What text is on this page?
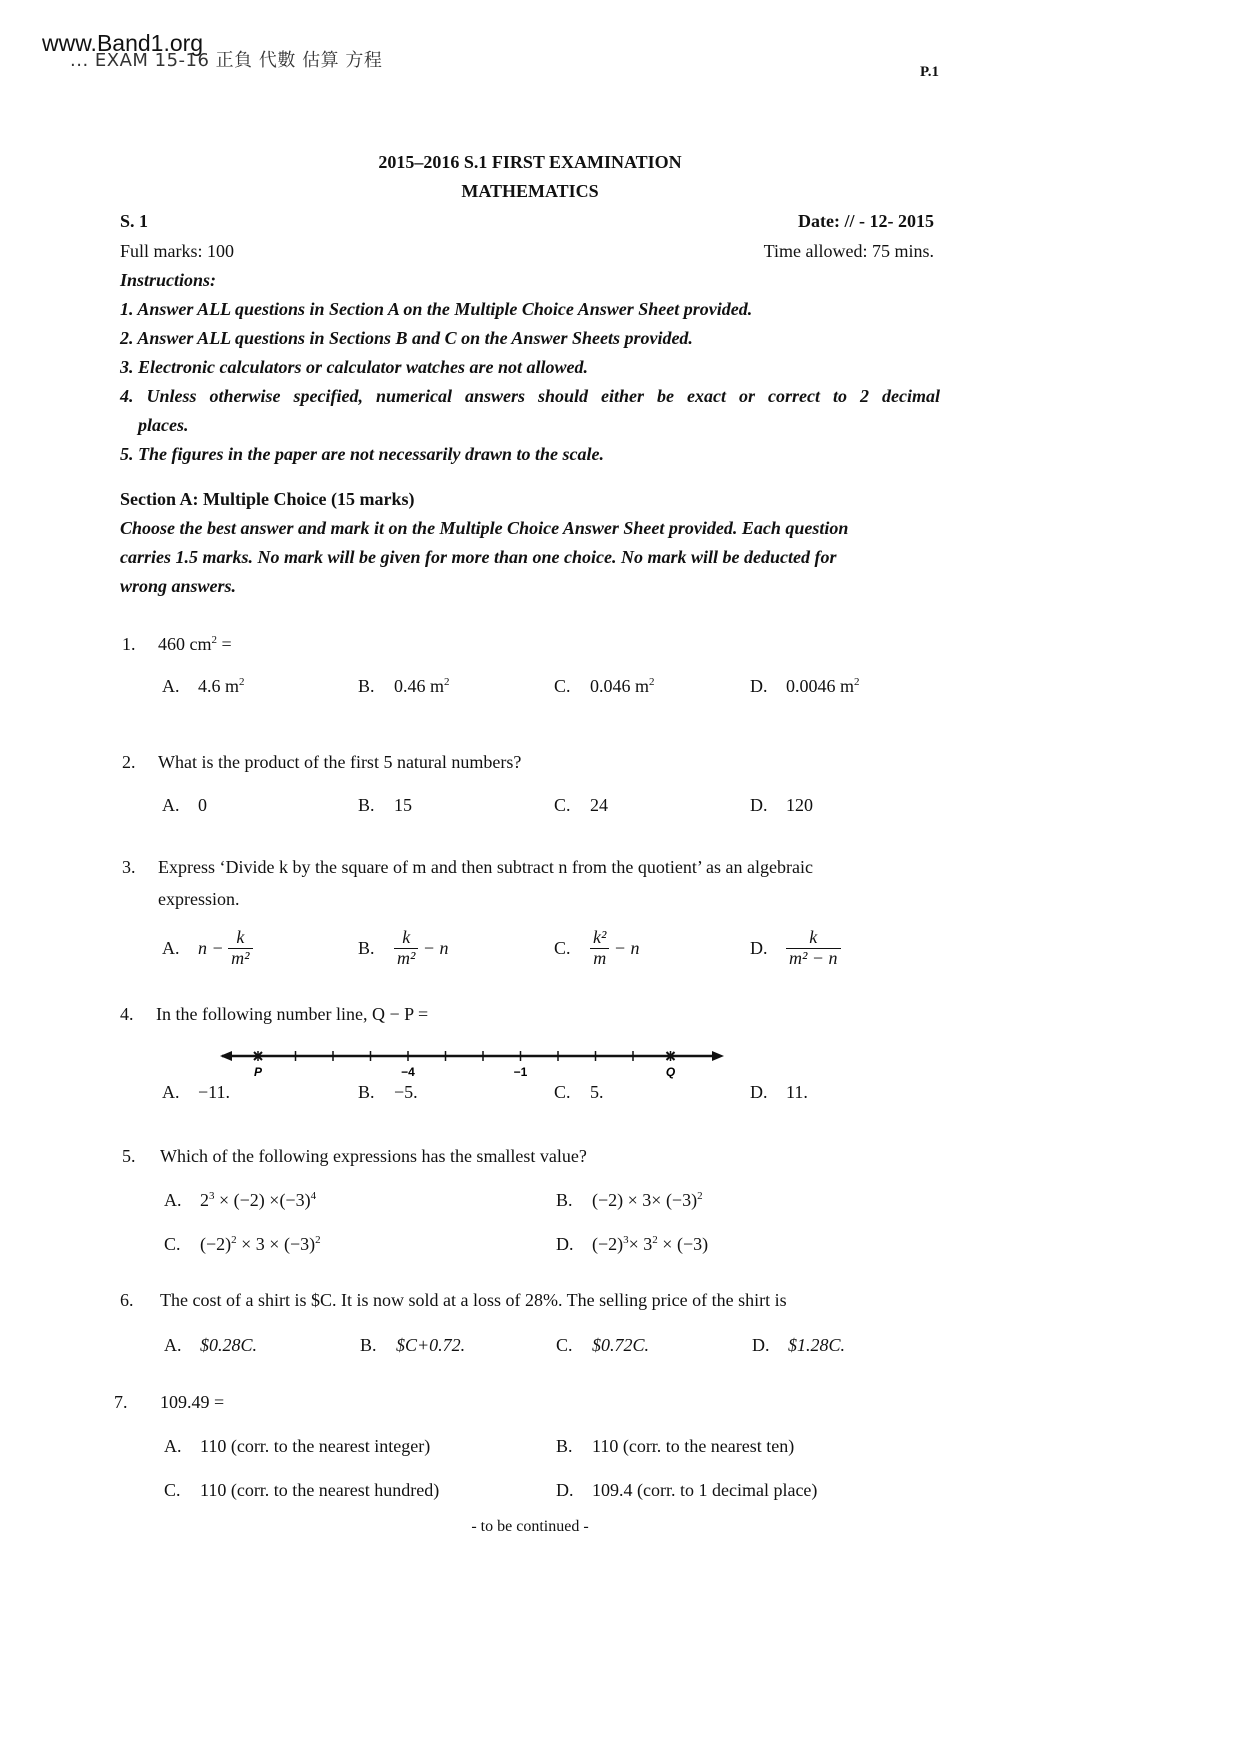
... EXAM 15-16 正負 代數 估算 方程
www.Band1.org
P.1
2015–2016 S.1 FIRST EXAMINATION
MATHEMATICS
S. 1	Date: // - 12- 2015
Full marks: 100	Time allowed: 75 mins.
Instructions:
1. Answer ALL questions in Section A on the Multiple Choice Answer Sheet provided.
2. Answer ALL questions in Sections B and C on the Answer Sheets provided.
3. Electronic calculators or calculator watches are not allowed.
4. Unless otherwise specified, numerical answers should either be exact or correct to 2 decimal
places.
5. The figures in the paper are not necessarily drawn to the scale.
Section A: Multiple Choice (15 marks)
Choose the best answer and mark it on the Multiple Choice Answer Sheet provided. Each question
carries 1.5 marks. No mark will be given for more than one choice. No mark will be deducted for
wrong answers.
1. 460 $cm^2$ =
A. 4.6 $m^2$	B. 0.46 $m^2$	C. 0.046 $m^2$	D. 0.0046 $m^2$
2. What is the product of the first 5 natural numbers?
A. 0	B. 15	C. 24	D. 120
3. Express ‘Divide k by the square of m and then subtract n from the quotient’ as an algebraic
expression.
A. $n - \frac{k}{\text{m²}}$	B. $\frac{k}{\text{m²}} - n$	C. $\frac{\text{k²}}{m} - n$	D. $\frac{k}{\text{m² − n}}$
4. In the following number line, Q − P =
P	−4	−1	Q
A. −11.	B. −5.	C. 5.	D. 11.
5. Which of the following expressions has the smallest value?
A. $2^3 \times (-2) \times(-3)^4$	B. $(-2) \times 3\times (-3)^2$
C. $(-2)^2 \times 3 \times (-3)^2$	D. $(-2)^3\times 3^2 \times (-3)$
6. The cost of a shirt is $C. It is now sold at a loss of 28%. The selling price of the shirt is
A. $0.28C.	B. $C+0.72.	C. $0.72C.	D. $1.28C.
7. 109.49 =
A. 110 (corr. to the nearest integer)	B. 110 (corr. to the nearest ten)
C. 110 (corr. to the nearest hundred)	D. 109.4 (corr. to 1 decimal place)
- to be continued -
